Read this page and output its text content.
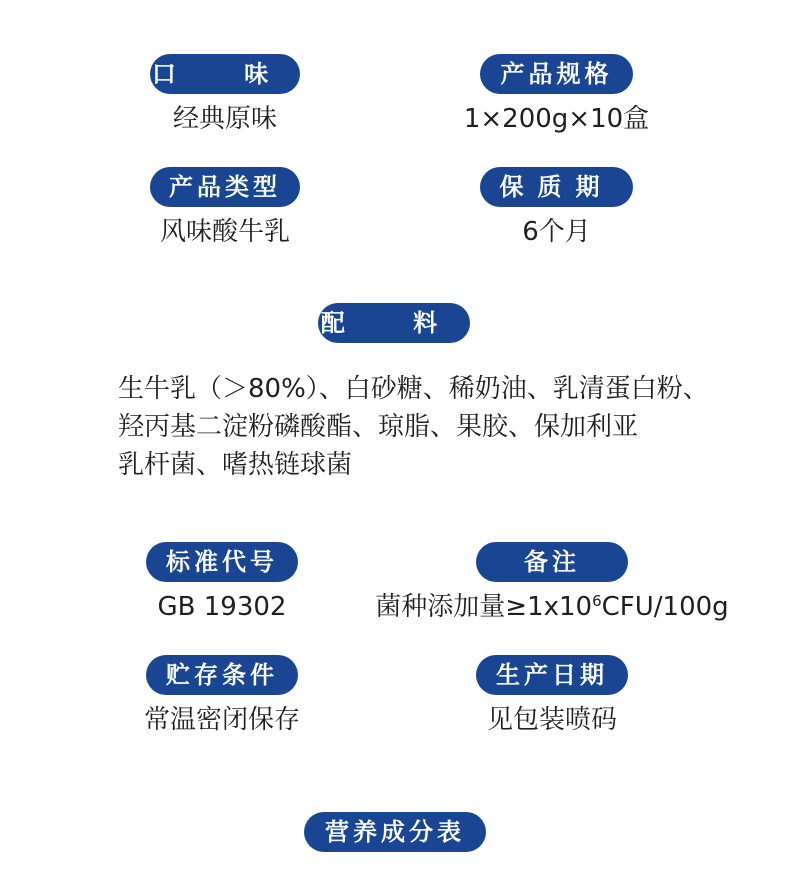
口 味	产品规格
经典原味	1×200g×10盒
产品类型	保质期
风味酸牛乳	6个月
配 料
生牛乳（＞80%）、白砂糖、稀奶油、乳清蛋白粉、
羟丙基二淀粉磷酸酯、琼脂、果胶、保加利亚
乳杆菌、嗜热链球菌
标准代号	备注
GB 19302	菌种添加量$\ge 1x10^6CFU/100g$
贮存条件	生产日期
常温密闭保存	见包装喷码
营养成分表
